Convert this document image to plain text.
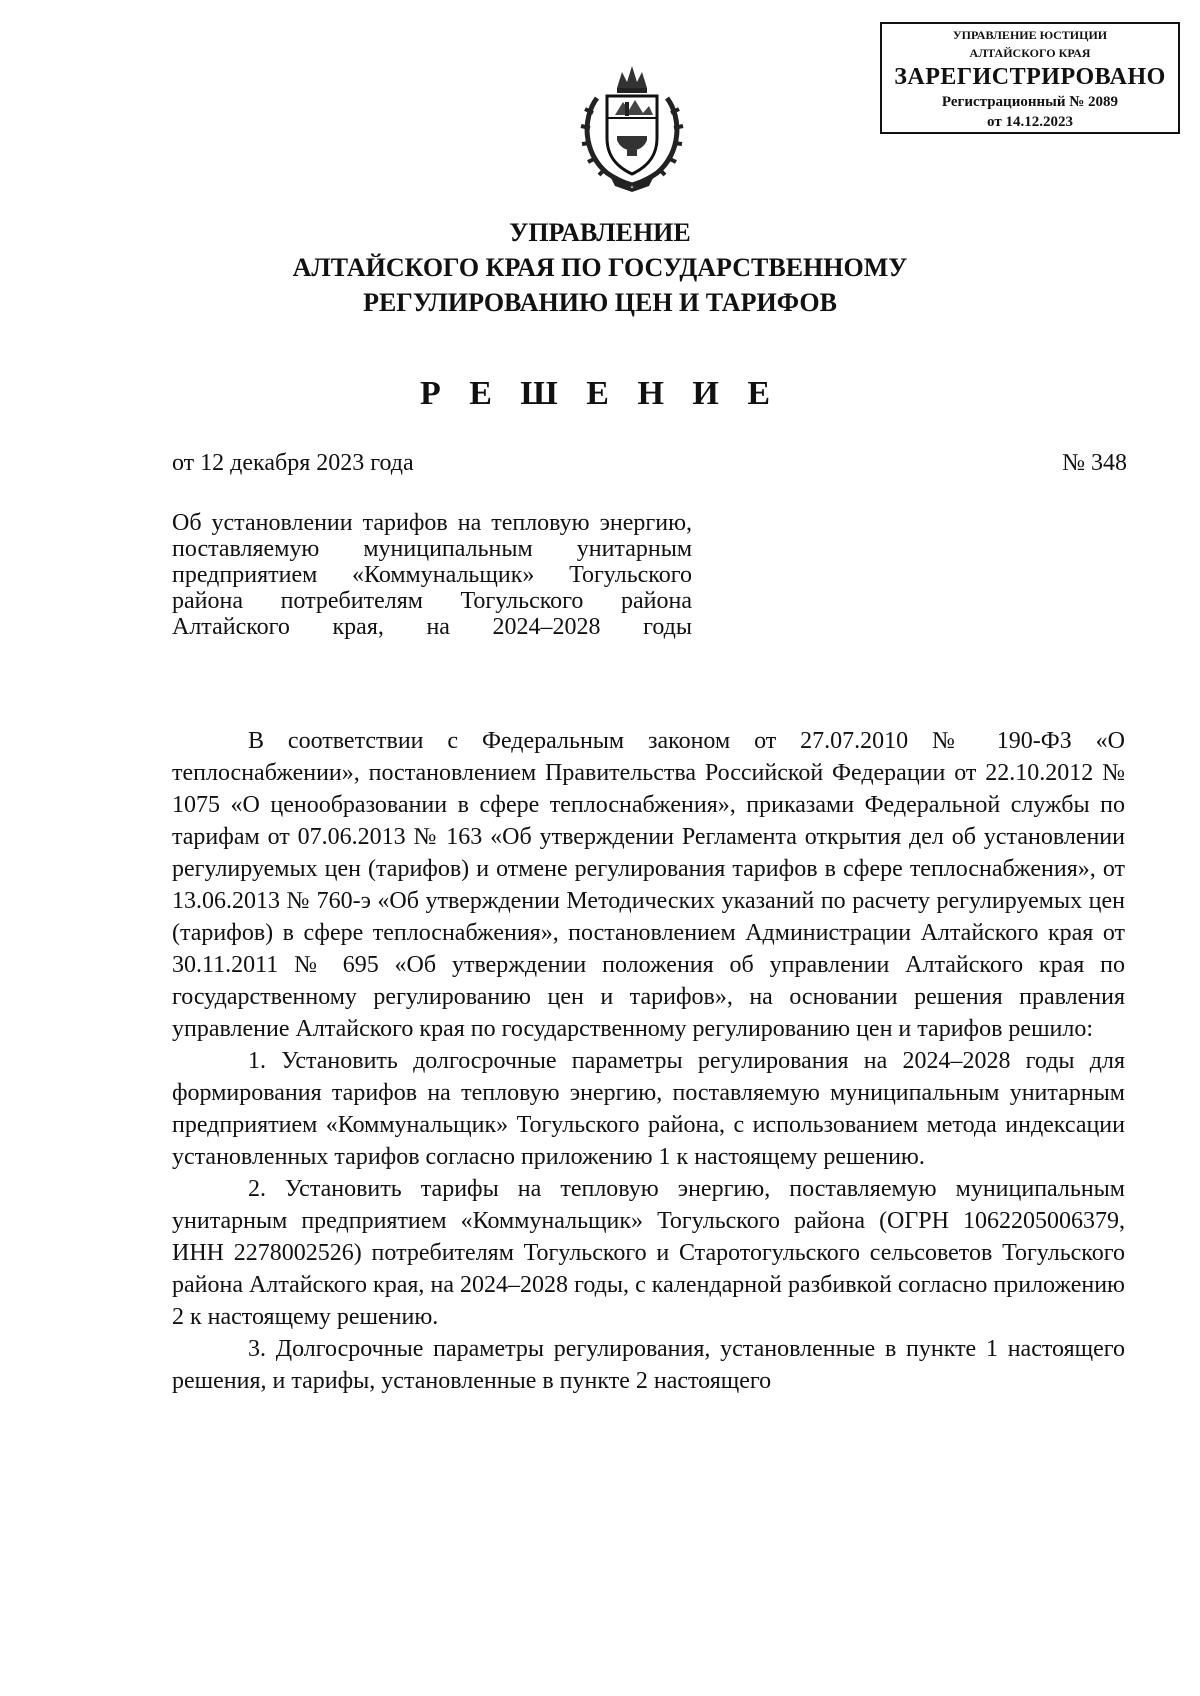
УПРАВЛЕНИЕ ЮСТИЦИИ
АЛТАЙСКОГО КРАЯ
ЗАРЕГИСТРИРОВАНО
Регистрационный № 2089
от 14.12.2023
УПРАВЛЕНИЕ
АЛТАЙСКОГО КРАЯ ПО ГОСУДАРСТВЕННОМУ
РЕГУЛИРОВАНИЮ ЦЕН И ТАРИФОВ
Р Е Ш Е Н И Е
от 12 декабря 2023 года	№ 348
Об установлении тарифов на тепловую энергию, поставляемую муниципальным унитарным предприятием «Коммунальщик» Тогульского района потребителям Тогульского района Алтайского края, на 2024–2028 годы

В соответствии с Федеральным законом от 27.07.2010 № 190-ФЗ «О теплоснабжении», постановлением Правительства Российской Федерации от 22.10.2012 № 1075 «О ценообразовании в сфере теплоснабжения», приказами Федеральной службы по тарифам от 07.06.2013 № 163 «Об утверждении Регламента открытия дел об установлении регулируемых цен (тарифов) и отмене регулирования тарифов в сфере теплоснабжения», от 13.06.2013 № 760-э «Об утверждении Методических указаний по расчету регулируемых цен (тарифов) в сфере теплоснабжения», постановлением Администрации Алтайского края от 30.11.2011 № 695 «Об утверждении положения об управлении Алтайского края по государственному регулированию цен и тарифов», на основании решения правления управление Алтайского края по государственному регулированию цен и тарифов решило:

1. Установить долгосрочные параметры регулирования на 2024–2028 годы для формирования тарифов на тепловую энергию, поставляемую муниципальным унитарным предприятием «Коммунальщик» Тогульского района, с использованием метода индексации установленных тарифов согласно приложению 1 к настоящему решению.

2. Установить тарифы на тепловую энергию, поставляемую муниципальным унитарным предприятием «Коммунальщик» Тогульского района (ОГРН 1062205006379, ИНН 2278002526) потребителям Тогульского и Старотогульского сельсоветов Тогульского района Алтайского края, на 2024–2028 годы, с календарной разбивкой согласно приложению 2 к настоящему решению.

3. Долгосрочные параметры регулирования, установленные в пункте 1 настоящего решения, и тарифы, установленные в пункте 2 настоящего
